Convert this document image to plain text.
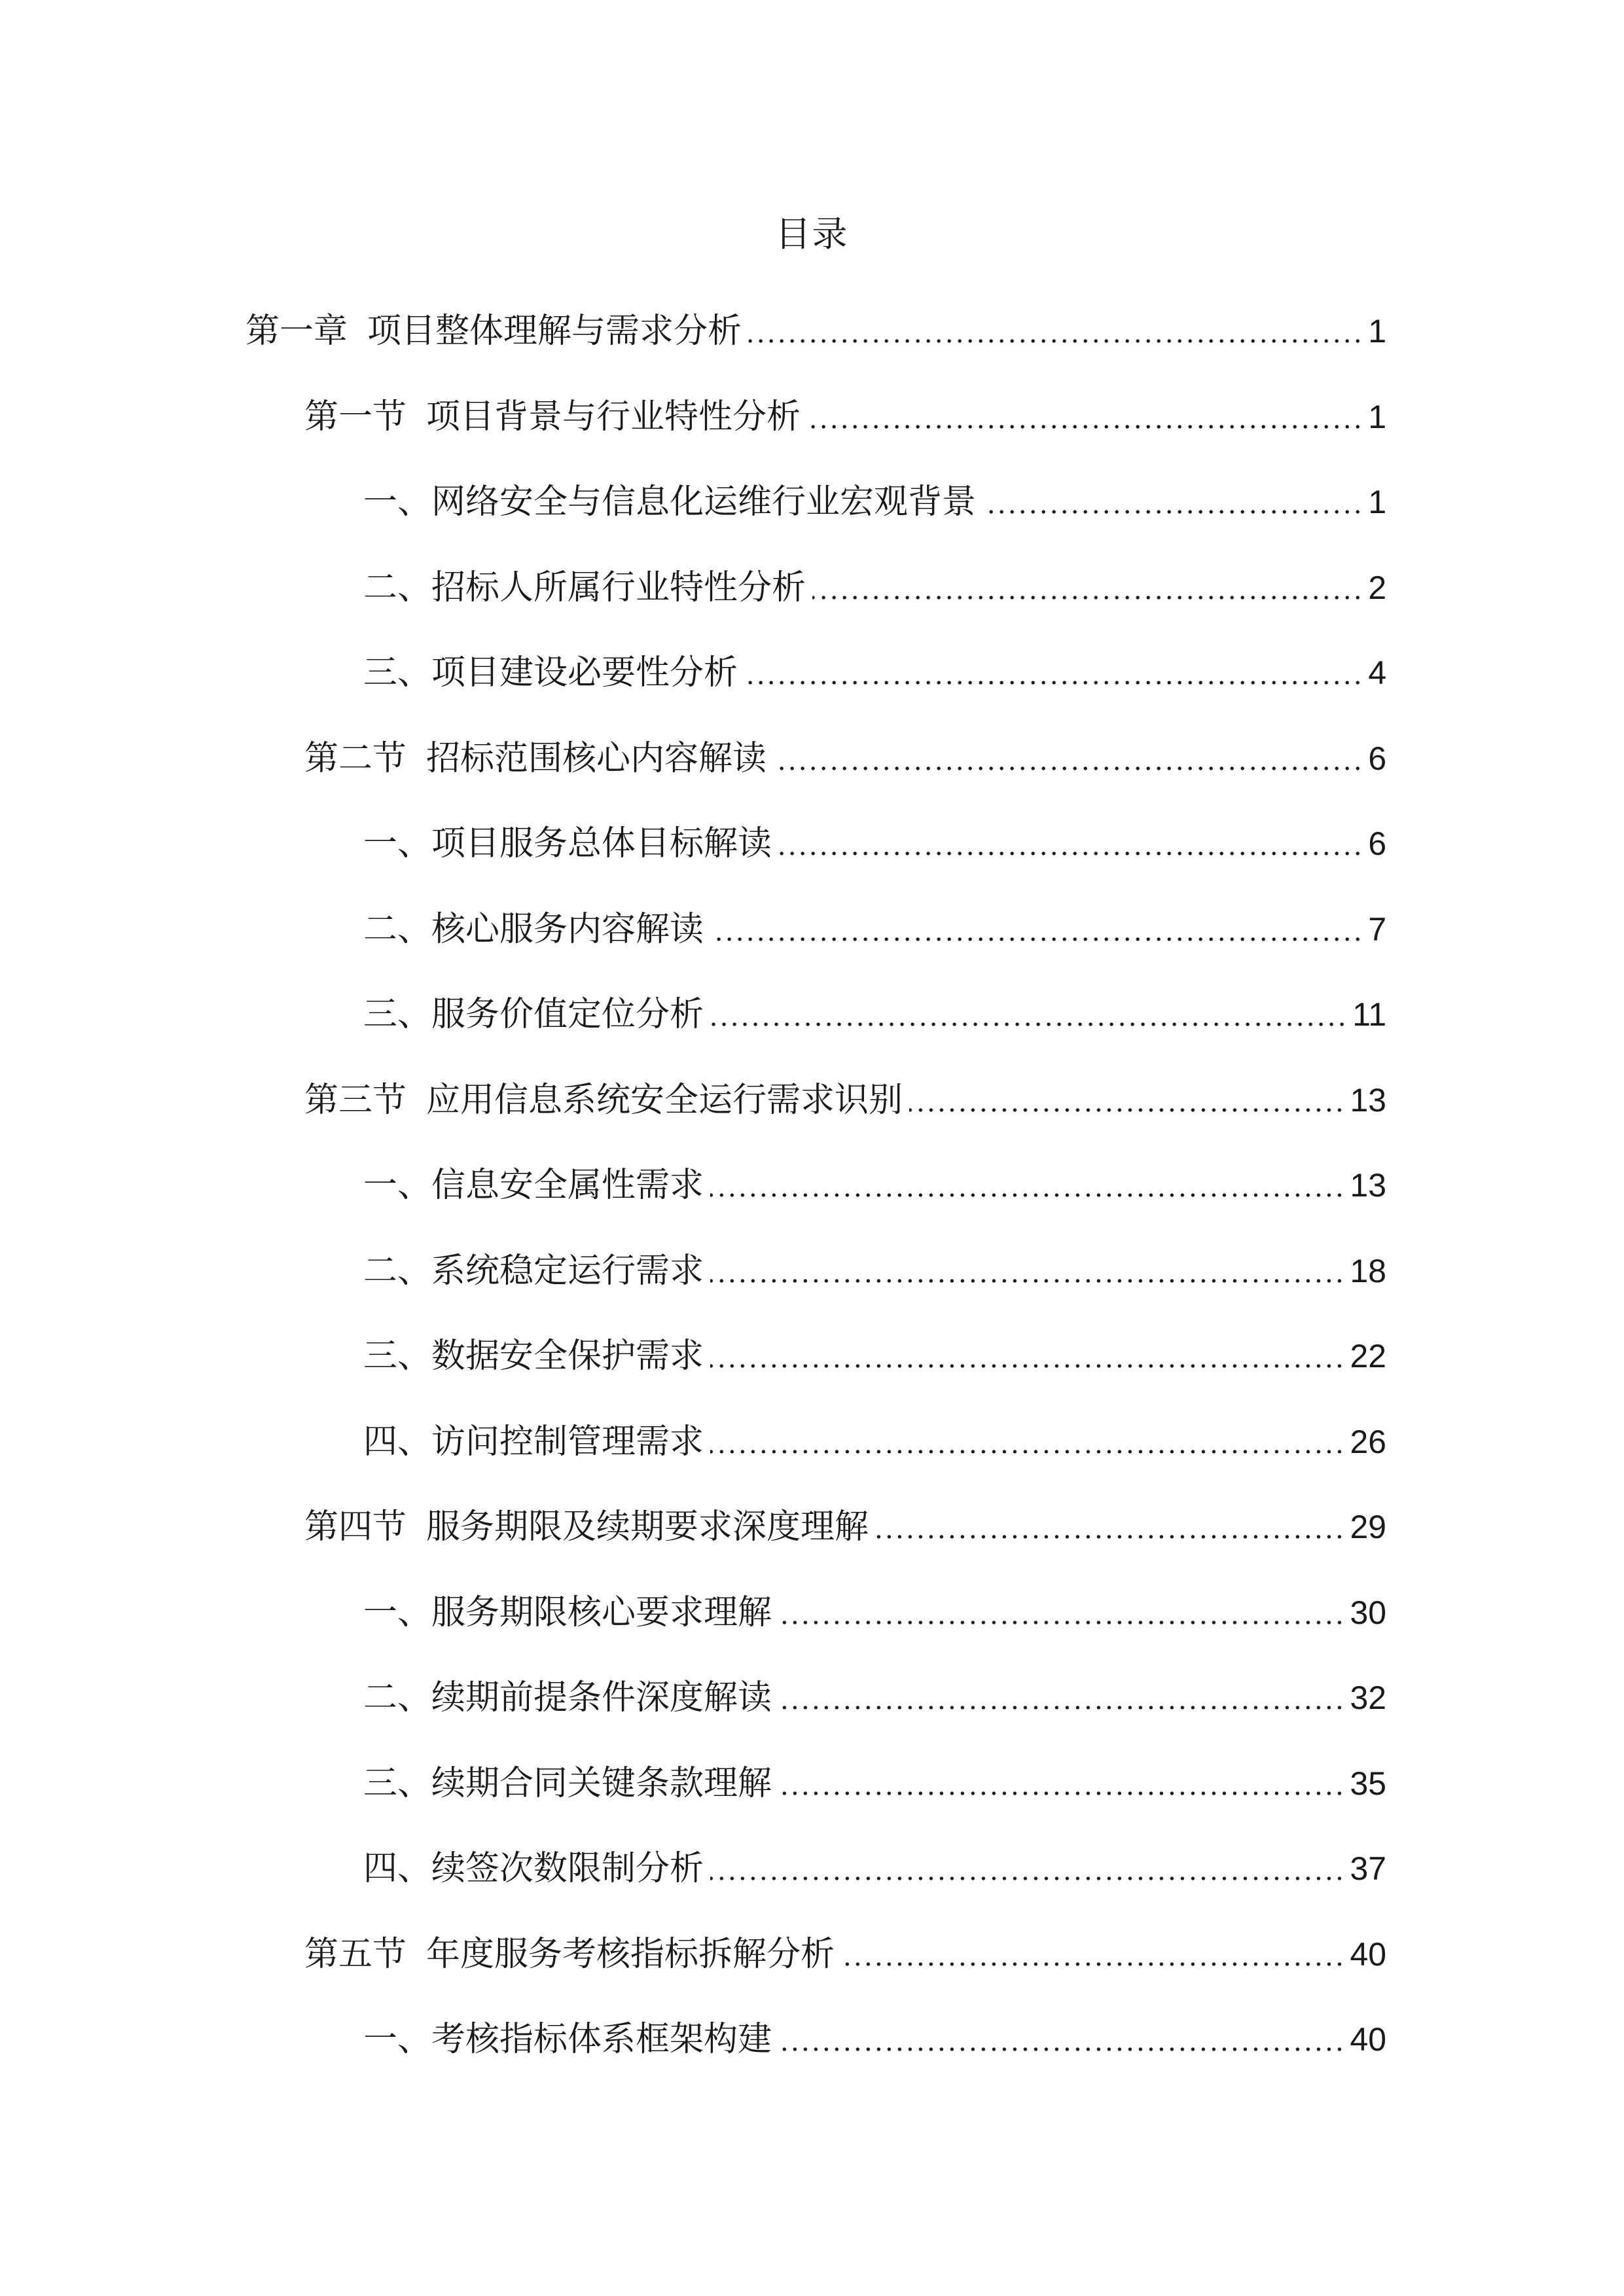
目录
第一章 项目整体理解与需求分析	1
第一节 项目背景与行业特性分析	1
一、网络安全与信息化运维行业宏观背景	1
二、招标人所属行业特性分析	2
三、项目建设必要性分析	4
第二节 招标范围核心内容解读	6
一、项目服务总体目标解读	6
二、核心服务内容解读	7
三、服务价值定位分析	11
第三节 应用信息系统安全运行需求识别	13
一、信息安全属性需求	13
二、系统稳定运行需求	18
三、数据安全保护需求	22
四、访问控制管理需求	26
第四节 服务期限及续期要求深度理解	29
一、服务期限核心要求理解	30
二、续期前提条件深度解读	32
三、续期合同关键条款理解	35
四、续签次数限制分析	37
第五节 年度服务考核指标拆解分析	40
一、考核指标体系框架构建	40
